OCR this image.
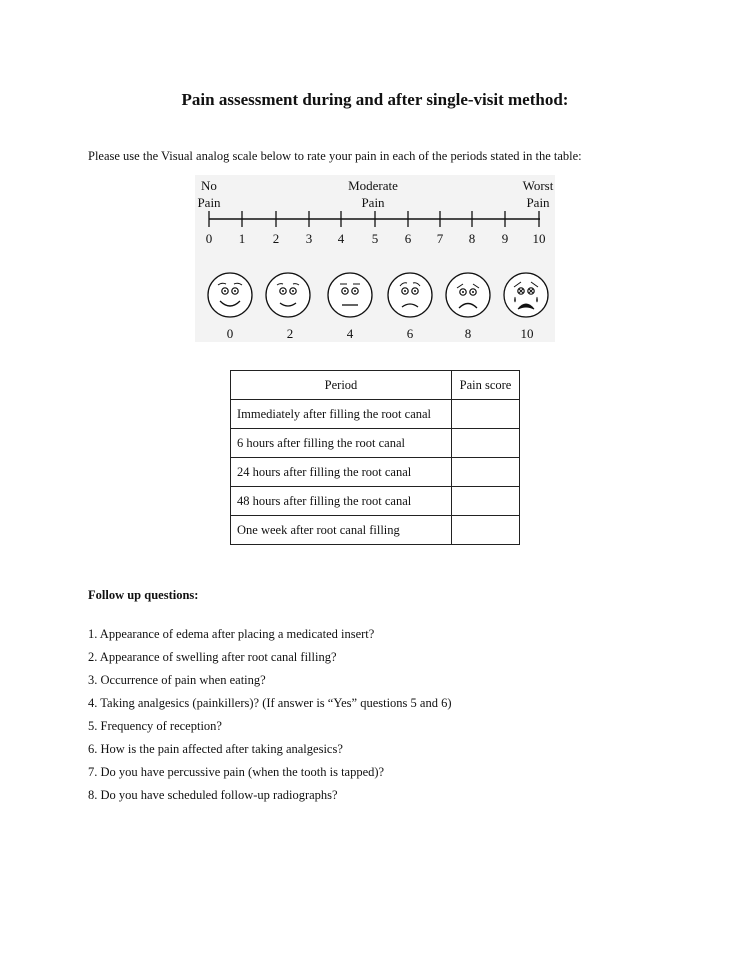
Pain assessment during and after single-visit method:
Please use the Visual analog scale below to rate your pain in each of the periods stated in the table:
No
Pain
Moderate
Pain
Worst
Pain
0	1	2	3	4	5	6	7	8	9	10
0	2	4	6	8	10
Period	Pain score
Immediately after filling the root canal	
6 hours after filling the root canal	
24 hours after filling the root canal	
48 hours after filling the root canal	
One week after root canal filling	
Follow up questions:
1. Appearance of edema after placing a medicated insert?
2. Appearance of swelling after root canal filling?
3. Occurrence of pain when eating?
4. Taking analgesics (painkillers)? (If answer is “Yes” questions 5 and 6)
5. Frequency of reception?
6. How is the pain affected after taking analgesics?
7. Do you have percussive pain (when the tooth is tapped)?
8. Do you have scheduled follow-up radiographs?
